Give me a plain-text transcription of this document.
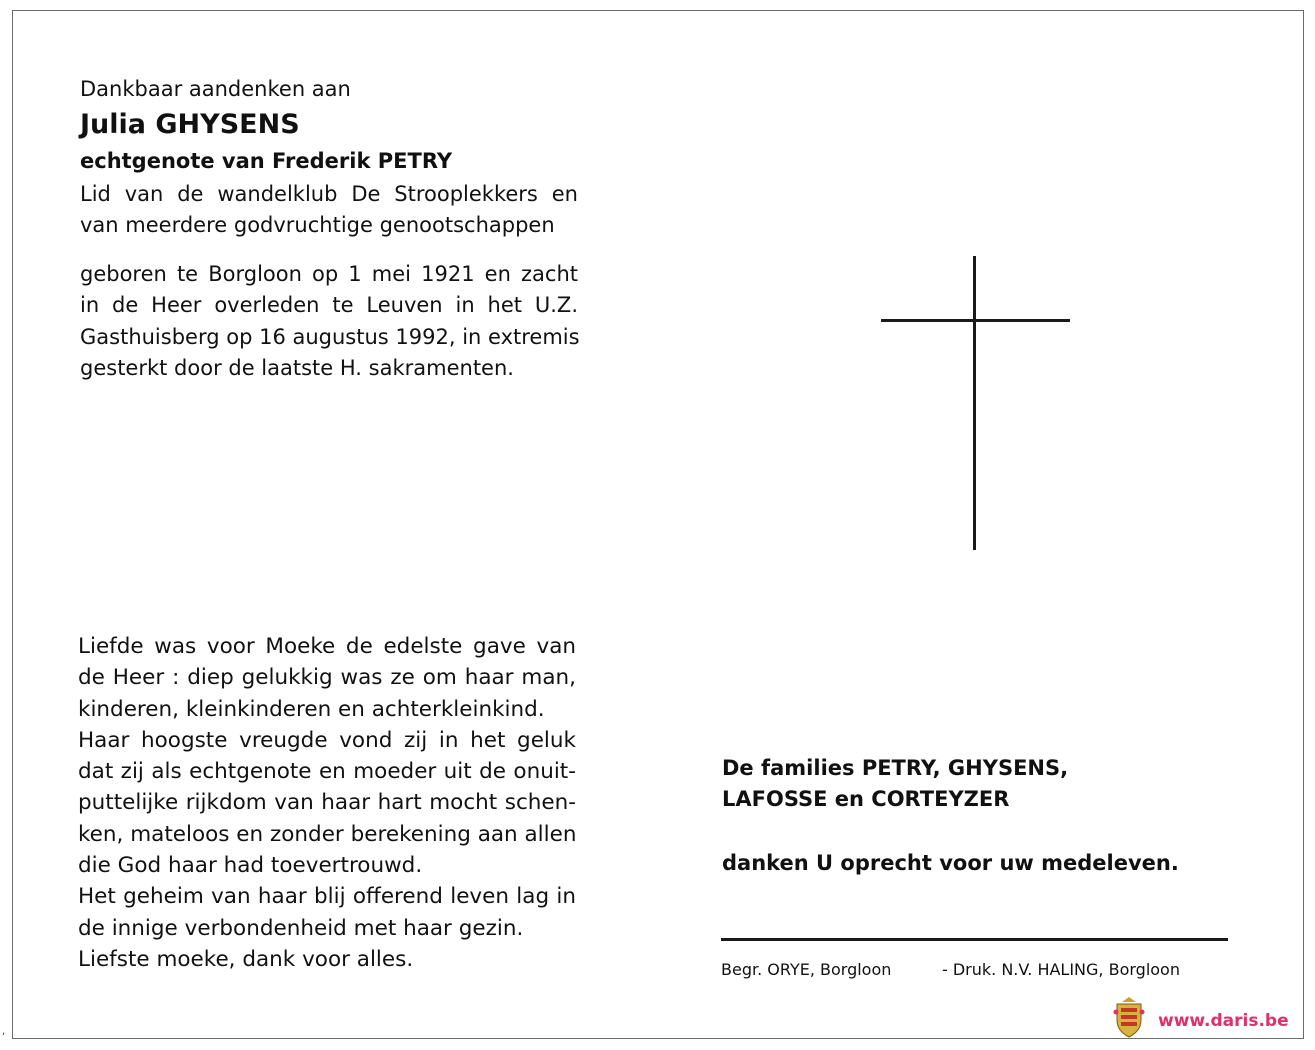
,
Dankbaar aandenken aan
Julia GHYSENS
echtgenote van Frederik PETRY
Lid van de wandelklub De Strooplekkers en
van meerdere godvruchtige genootschappen
geboren te Borgloon op 1 mei 1921 en zacht
in de Heer overleden te Leuven in het U.Z.
Gasthuisberg op 16 augustus 1992, in extremis
gesterkt door de laatste H. sakramenten.
Liefde was voor Moeke de edelste gave van
de Heer : diep gelukkig was ze om haar man,
kinderen, kleinkinderen en achterkleinkind.
Haar hoogste vreugde vond zij in het geluk
dat zij als echtgenote en moeder uit de onuit-
puttelijke rijkdom van haar hart mocht schen-
ken, mateloos en zonder berekening aan allen
die God haar had toevertrouwd.
Het geheim van haar blij offerend leven lag in
de innige verbondenheid met haar gezin.
Liefste moeke, dank voor alles.
De families PETRY, GHYSENS,
LAFOSSE en CORTEYZER
danken U oprecht voor uw medeleven.
Begr. ORYE, Borgloon	- Druk. N.V. HALING, Borgloon
www.daris.be
